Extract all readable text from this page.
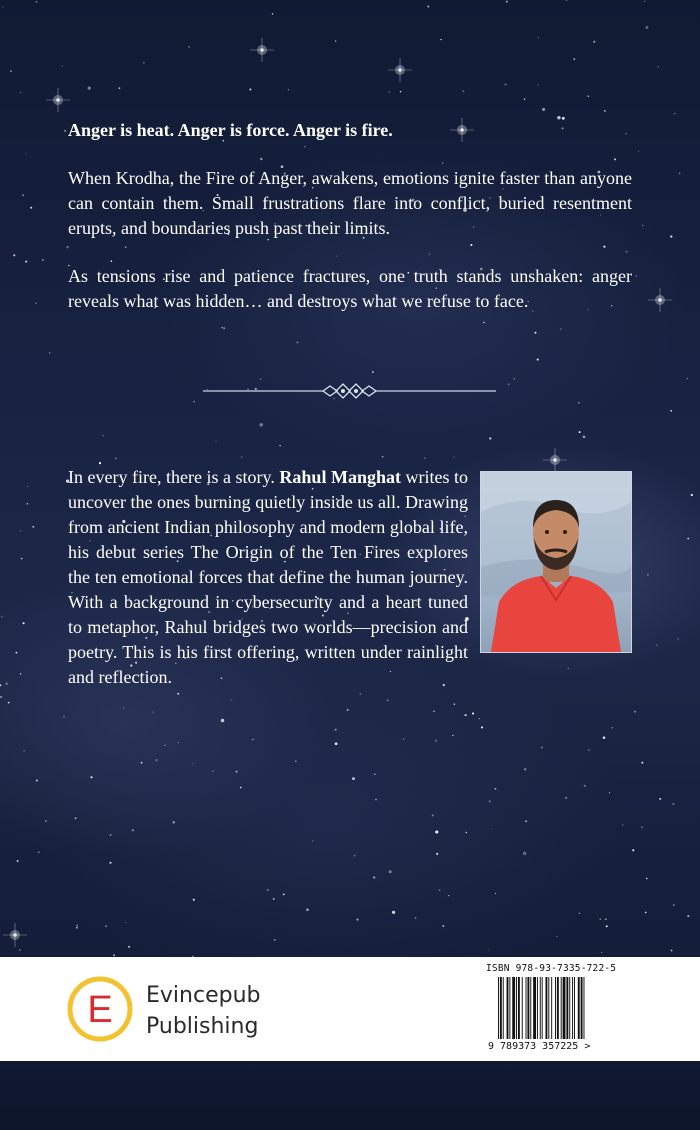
Anger is heat. Anger is force. Anger is fire.

When Krodha, the Fire of Anger, awakens, emotions ignite faster than anyone can contain them. Small frustrations flare into conflict, buried resentment erupts, and boundaries push past their limits.

As tensions rise and patience fractures, one truth stands unshaken: anger reveals what was hidden… and destroys what we refuse to face.

In every fire, there is a story. Rahul Manghat writes to uncover the ones burning quietly inside us all. Drawing from ancient Indian philosophy and modern global life, his debut series The Origin of the Ten Fires explores the ten emotional forces that define the human journey. With a background in cybersecurity and a heart tuned to metaphor, Rahul bridges two worlds—precision and poetry. This is his first offering, written under rainlight and reflection.
E Evincepub

Publishing

ISBN 978-93-7335-722-5

9 789373 357225 >
